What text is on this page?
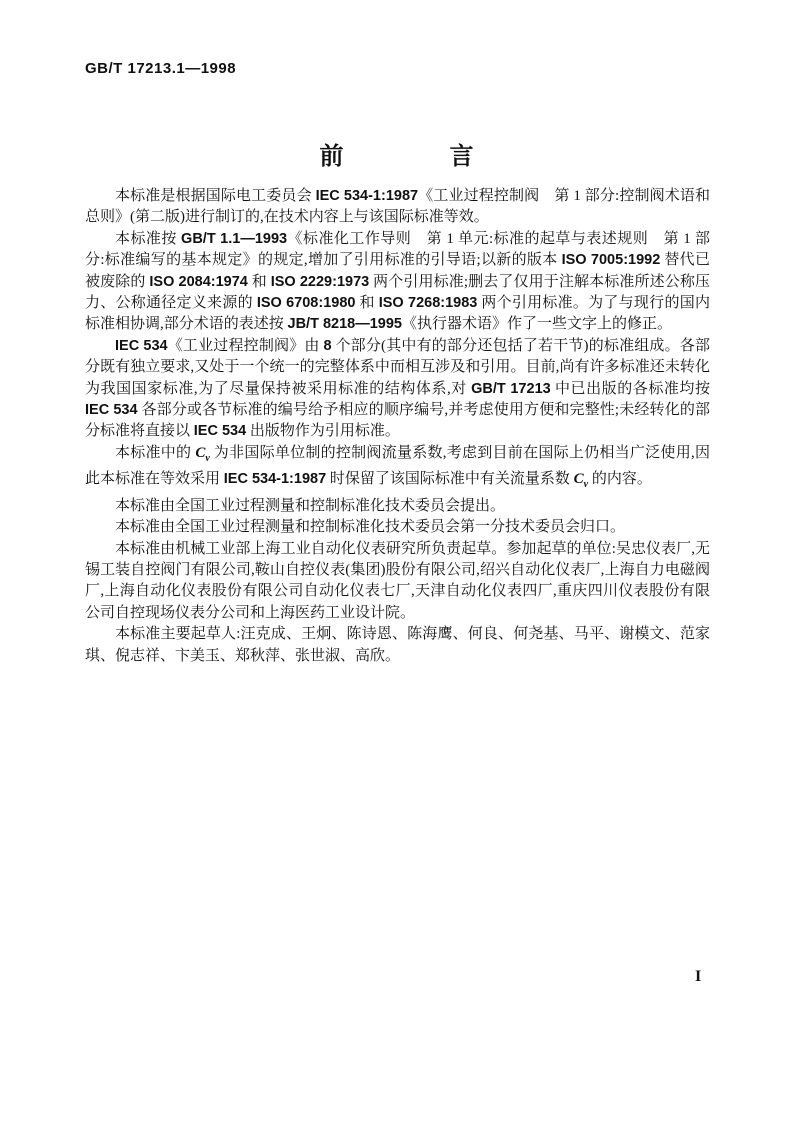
GB/T 17213.1—1998
前　　　　言

本标准是根据国际电工委员会 IEC 534-1:1987《工业过程控制阀　第 1 部分:控制阀术语和总则》(第二版)进行制订的,在技术内容上与该国际标准等效。

本标准按 GB/T 1.1—1993《标准化工作导则　第 1 单元:标准的起草与表述规则　第 1 部分:标准编写的基本规定》的规定,增加了引用标准的引导语;以新的版本 ISO 7005:1992 替代已被废除的 ISO 2084:1974 和 ISO 2229:1973 两个引用标准;删去了仅用于注解本标准所述公称压力、公称通径定义来源的 ISO 6708:1980 和 ISO 7268:1983 两个引用标准。为了与现行的国内标准相协调,部分术语的表述按 JB/T 8218—1995《执行器术语》作了一些文字上的修正。

IEC 534《工业过程控制阀》由 8 个部分(其中有的部分还包括了若干节)的标准组成。各部分既有独立要求,又处于一个统一的完整体系中而相互涉及和引用。目前,尚有许多标准还未转化为我国国家标准,为了尽量保持被采用标准的结构体系,对 GB/T 17213 中已出版的各标准均按 IEC 534 各部分或各节标准的编号给予相应的顺序编号,并考虑使用方便和完整性;未经转化的部分标准将直接以 IEC 534 出版物作为引用标准。

本标准中的 $C_v$ 为非国际单位制的控制阀流量系数,考虑到目前在国际上仍相当广泛使用,因此本标准在等效采用 IEC 534-1:1987 时保留了该国际标准中有关流量系数 $C_v$ 的内容。

本标准由全国工业过程测量和控制标准化技术委员会提出。

本标准由全国工业过程测量和控制标准化技术委员会第一分技术委员会归口。

本标准由机械工业部上海工业自动化仪表研究所负责起草。参加起草的单位:吴忠仪表厂,无锡工装自控阀门有限公司,鞍山自控仪表(集团)股份有限公司,绍兴自动化仪表厂,上海自力电磁阀厂,上海自动化仪表股份有限公司自动化仪表七厂,天津自动化仪表四厂,重庆四川仪表股份有限公司自控现场仪表分公司和上海医药工业设计院。

本标准主要起草人:汪克成、王炯、陈诗恩、陈海鹰、何良、何尧基、马平、谢模文、范家琪、倪志祥、卞美玉、郑秋萍、张世淑、高欣。

I
